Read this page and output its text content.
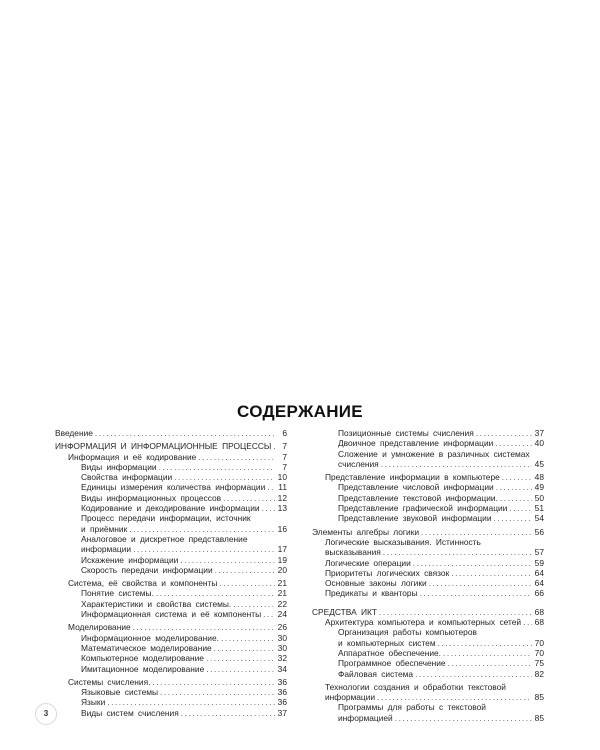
СОДЕРЖАНИЕ
Введение . . .	6
ИНФОРМАЦИЯ И ИНФОРМАЦИОННЫЕ ПРОЦЕССЫ . . .	7
Информация и её кодирование . . .	7
Виды информации . . .	7
Свойства информации . . .	10
Единицы измерения количества информации . . . 11
Виды информационных процессов . . .	12
Кодирование и декодирование информации . . . 13
Процесс передачи информации, источник
и приёмник . . .	16
Аналоговое и дискретное представление
информации . . .	17
Искажение информации . . .	19
Скорость передачи информации . . .	20
Система, её свойства и компоненты . . .	21
Понятие системы. . . .	21
Характеристики и свойства системы. . . .	22
Информационная система и её компоненты . . . 24
Моделирование . . .	26
Информационное моделирование. . . .	30
Математическое моделирование . . .	30
Компьютерное моделирование . . .	32
Имитационное моделирование . . .	34
Системы счисления. . . .	36
Языковые системы . . .	36
Языки . . .	36
Виды систем счисления . . .	37
Позиционные системы счисления . . .	37
Двоичное представление информации . . .	40
Сложение и умножение в различных системах
счисления . . .	45
Представление информации в компьютере . . .	48
Представление числовой информации . . .	49
Представление текстовой информации. . . .	50
Представление графической информации . . .	51
Представление звуковой информации . . .	54
Элементы алгебры логики . . .	56
Логические высказывания. Истинность
высказывания . . .	57
Логические операции . . .	59
Приоритеты логических связок . . .	64
Основные законы логики . . .	64
Предикаты и кванторы . . .	66
СРЕДСТВА ИКТ . . .	68
Архитектура компьютера и компьютерных сетей . . . 68
Организация работы компьютеров
и компьютерных систем . . .	70
Аппаратное обеспечение. . . .	70
Программное обеспечение . . .	75
Файловая система . . .	82
Технологии создания и обработки текстовой
информации . . .	85
Программы для работы с текстовой
информацией . . .	85
3
